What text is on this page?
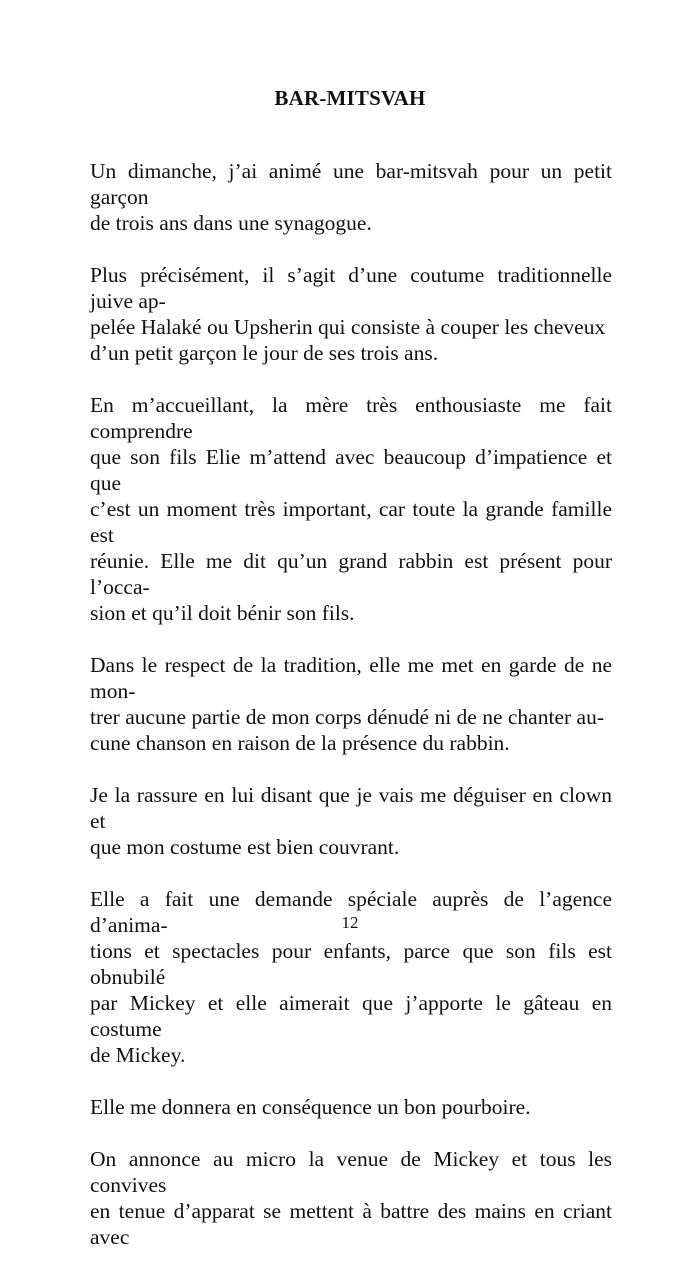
BAR-MITSVAH

Un dimanche, j’ai animé une bar-mitsvah pour un petit garçon
de trois ans dans une synagogue.

Plus précisément, il s’agit d’une coutume traditionnelle juive ap-
pelée Halaké ou Upsherin qui consiste à couper les cheveux
d’un petit garçon le jour de ses trois ans.

En m’accueillant, la mère très enthousiaste me fait comprendre
que son fils Elie m’attend avec beaucoup d’impatience et que
c’est un moment très important, car toute la grande famille est
réunie. Elle me dit qu’un grand rabbin est présent pour l’occa-
sion et qu’il doit bénir son fils.

Dans le respect de la tradition, elle me met en garde de ne mon-
trer aucune partie de mon corps dénudé ni de ne chanter au-
cune chanson en raison de la présence du rabbin.

Je la rassure en lui disant que je vais me déguiser en clown et
que mon costume est bien couvrant.

Elle a fait une demande spéciale auprès de l’agence d’anima-
tions et spectacles pour enfants, parce que son fils est obnubilé
par Mickey et elle aimerait que j’apporte le gâteau en costume
de Mickey.

Elle me donnera en conséquence un bon pourboire.

On annonce au micro la venue de Mickey et tous les convives
en tenue d’apparat se mettent à battre des mains en criant avec

12
